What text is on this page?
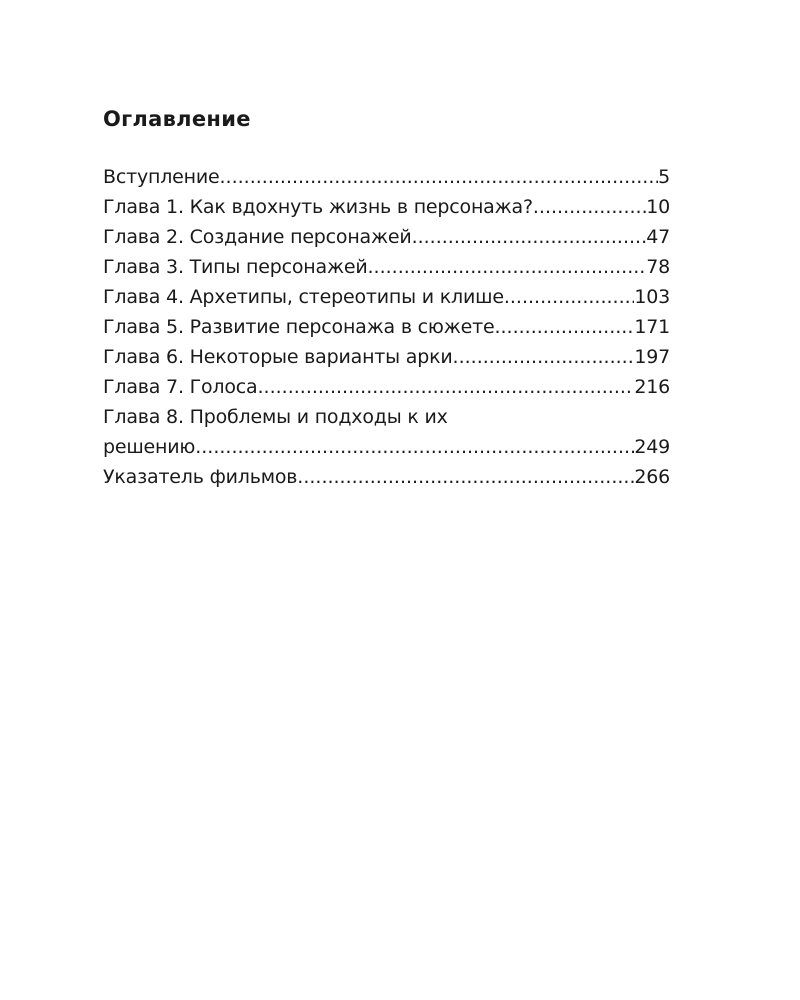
Оглавление
Вступление .....	5
Глава 1. Как вдохнуть жизнь в персонажа? .....	10
Глава 2. Создание персонажей .....	47
Глава 3. Типы персонажей .....	78
Глава 4. Архетипы, стереотипы и клише .....	103
Глава 5. Развитие персонажа в сюжете .....	171
Глава 6. Некоторые варианты арки .....	197
Глава 7. Голоса .....	216
Глава 8. Проблемы и подходы к их
решению .....	249
Указатель фильмов .....	266
